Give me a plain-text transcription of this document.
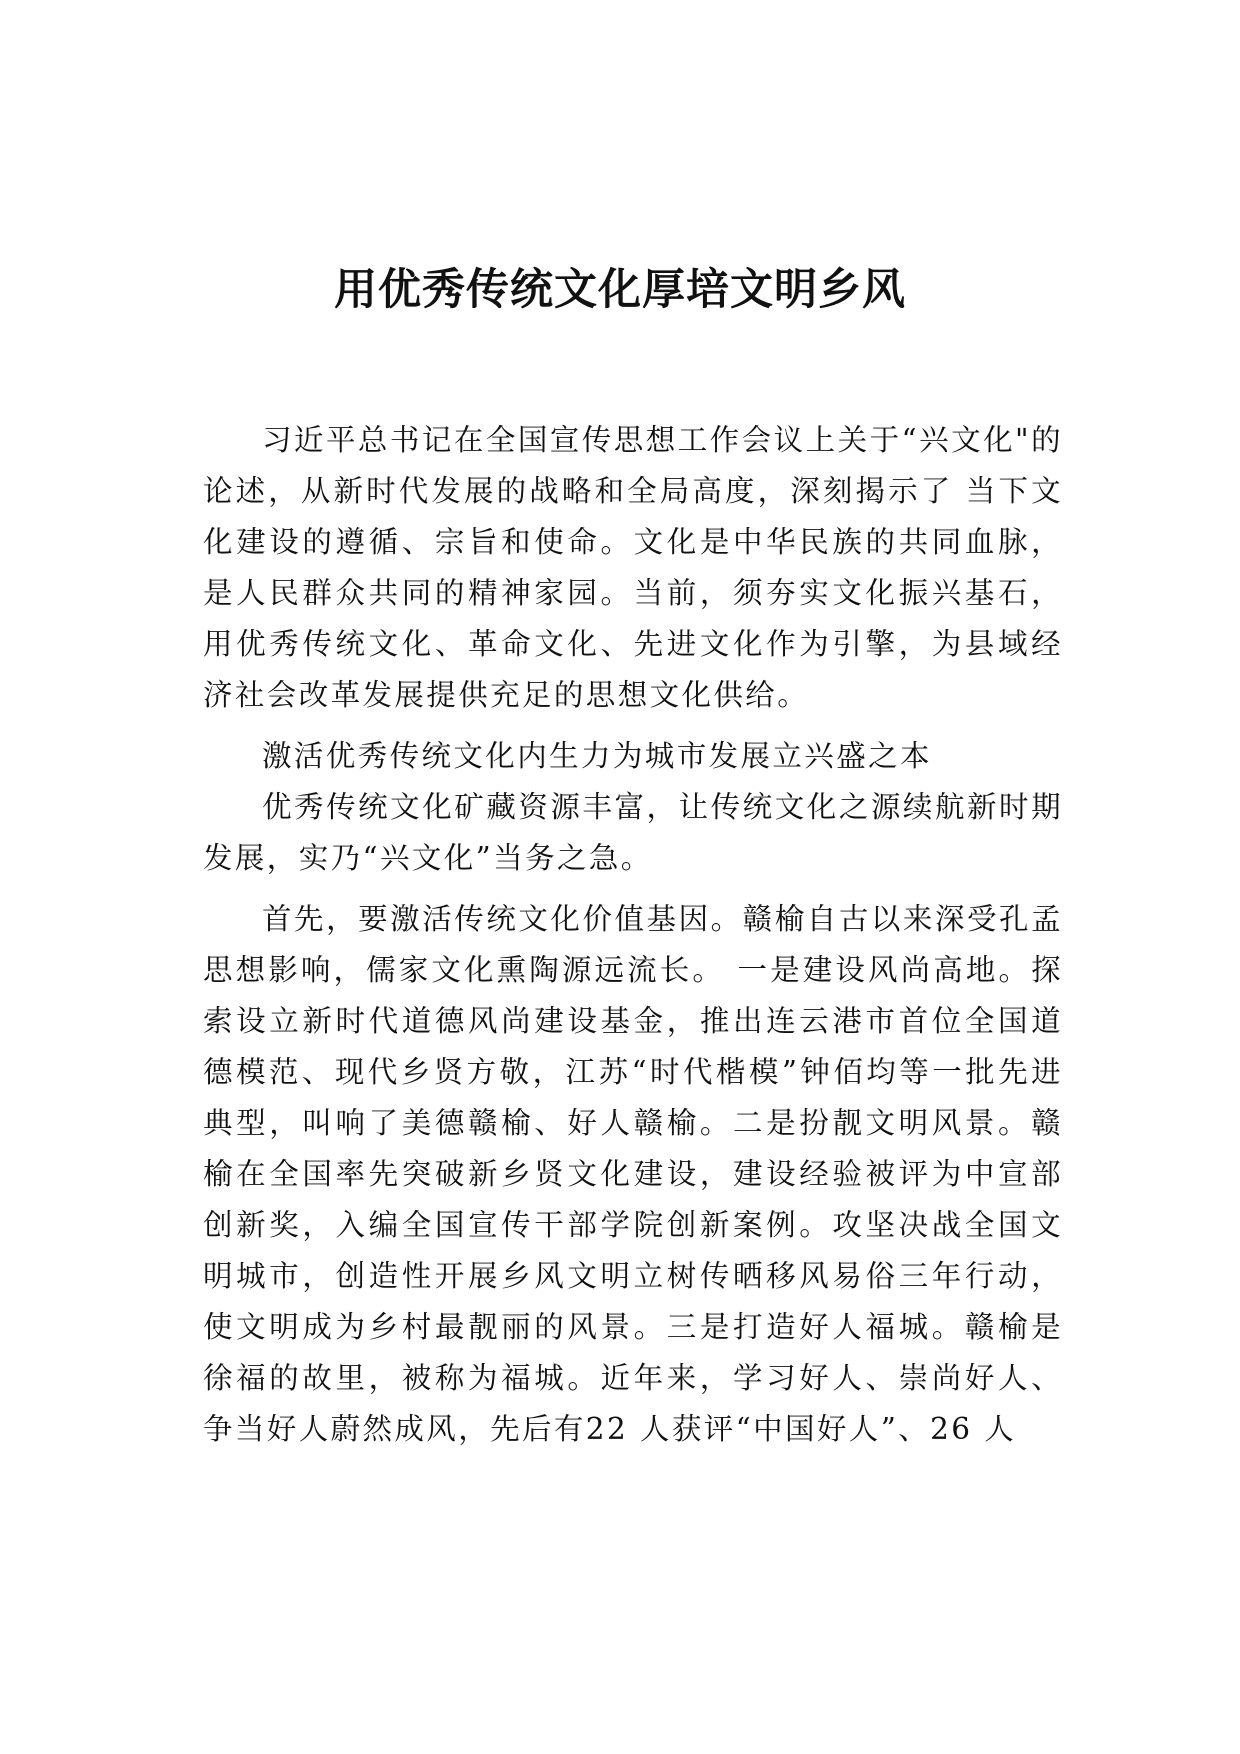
用优秀传统文化厚培文明乡风

习近平总书记在全国宣传思想工作会议上关于“兴文化"的论述，从新时代发展的战略和全局高度，深刻揭示了 当下文化建设的遵循、宗旨和使命。文化是中华民族的共同血脉，是人民群众共同的精神家园。当前，须夯实文化振兴基石，用优秀传统文化、革命文化、先进文化作为引擎，为县域经济社会改革发展提供充足的思想文化供给。

激活优秀传统文化内生力为城市发展立兴盛之本

优秀传统文化矿藏资源丰富，让传统文化之源续航新时期发展，实乃“兴文化”当务之急。

首先，要激活传统文化价值基因。赣榆自古以来深受孔孟思想影响，儒家文化熏陶源远流长。 一是建设风尚高地。探索设立新时代道德风尚建设基金，推出连云港市首位全国道德模范、现代乡贤方敬，江苏“时代楷模”钟佰均等一批先进典型，叫响了美德赣榆、好人赣榆。二是扮靓文明风景。赣榆在全国率先突破新乡贤文化建设，建设经验被评为中宣部创新奖，入编全国宣传干部学院创新案例。攻坚决战全国文明城市，创造性开展乡风文明立树传晒移风易俗三年行动，使文明成为乡村最靓丽的风景。三是打造好人福城。赣榆是徐福的故里，被称为福城。近年来，学习好人、崇尚好人、争当好人蔚然成风，先后有22 人获评“中国好人”、26 人
